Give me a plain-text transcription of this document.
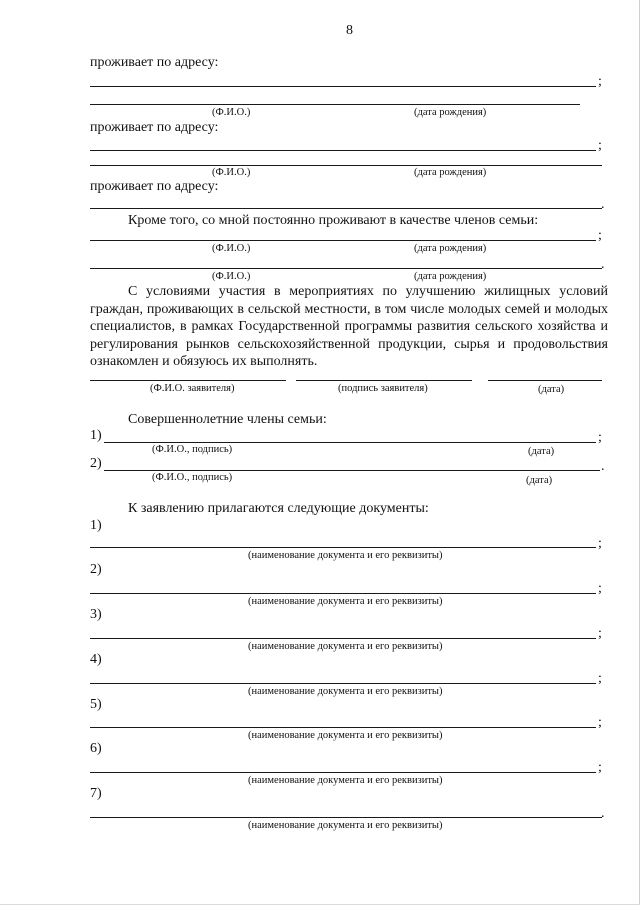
8
проживает по адресу:
;
(Ф.И.О.)	(дата рождения)
проживает по адресу:
;
(Ф.И.О.)	(дата рождения)
проживает по адресу:
.
Кроме того, со мной постоянно проживают в качестве членов семьи:
;
(Ф.И.О.)	(дата рождения)
.
(Ф.И.О.)	(дата рождения)
С условиями участия в мероприятиях по улучшению жилищных условий граждан, проживающих в сельской местности, в том числе молодых семей и молодых специалистов, в рамках Государственной программы развития сельского хозяйства и регулирования рынков сельскохозяйственной продукции, сырья и продовольствия ознакомлен и обязуюсь их выполнять.
(Ф.И.О. заявителя)	(подпись заявителя)	(дата)
Совершеннолетние члены семьи:
1)	;
(Ф.И.О., подпись)	(дата)
2)	.
(Ф.И.О., подпись)	(дата)
К заявлению прилагаются следующие документы:
1)
;
(наименование документа и его реквизиты)
2)
;
(наименование документа и его реквизиты)
3)
;
(наименование документа и его реквизиты)
4)
;
(наименование документа и его реквизиты)
5)
;
(наименование документа и его реквизиты)
6)
;
(наименование документа и его реквизиты)
7)
.
(наименование документа и его реквизиты)
